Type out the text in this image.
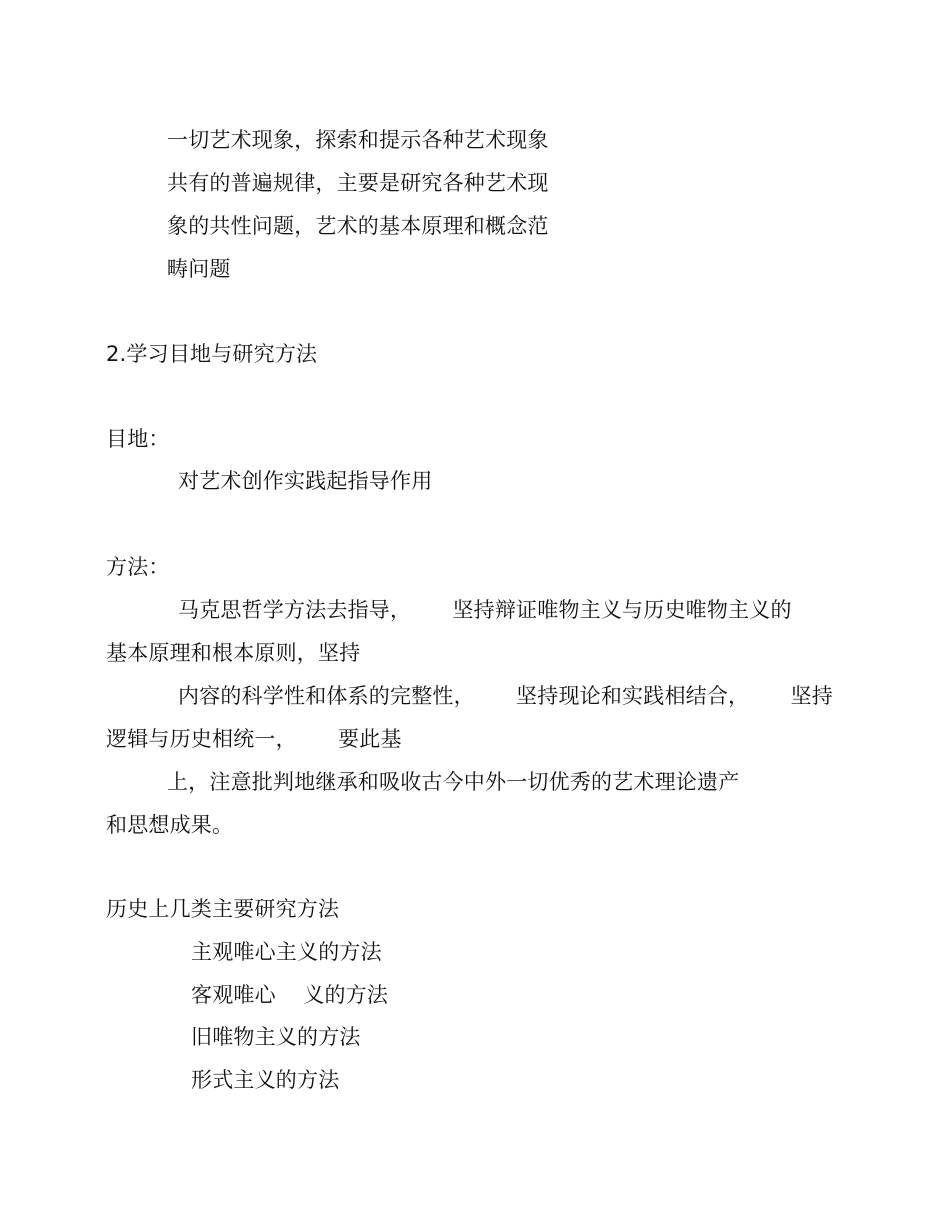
一切艺术现象，探索和提示各种艺术现象
共有的普遍规律，主要是研究各种艺术现
象的共性问题，艺术的基本原理和概念范
畴问题
2.学习目地与研究方法
目地：
对艺术创作实践起指导作用
方法：
马克思哲学方法去指导，      坚持辩证唯物主义与历史唯物主义的
基本原理和根本原则，坚持
内容的科学性和体系的完整性，      坚持现论和实践相结合，      坚持
逻辑与历史相统一，      要此基
上，注意批判地继承和吸收古今中外一切优秀的艺术理论遗产
和思想成果。
历史上几类主要研究方法
主观唯心主义的方法
客观唯心    义的方法
旧唯物主义的方法
形式主义的方法
